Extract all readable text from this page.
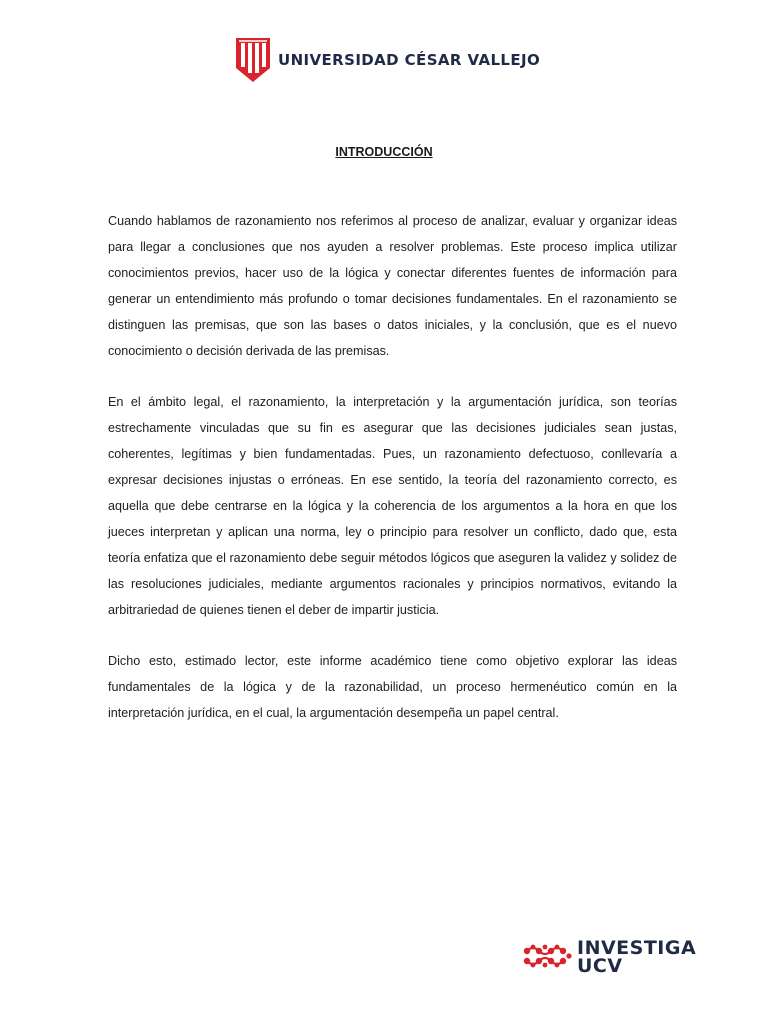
UNIVERSIDAD CÉSAR VALLEJO
INTRODUCCIÓN

Cuando hablamos de razonamiento nos referimos al proceso de analizar, evaluar y organizar ideas para llegar a conclusiones que nos ayuden a resolver problemas. Este proceso implica utilizar conocimientos previos, hacer uso de la lógica y conectar diferentes fuentes de información para generar un entendimiento más profundo o tomar decisiones fundamentales. En el razonamiento se distinguen las premisas, que son las bases o datos iniciales, y la conclusión, que es el nuevo conocimiento o decisión derivada de las premisas.

En el ámbito legal, el razonamiento, la interpretación y la argumentación jurídica, son teorías estrechamente vinculadas que su fin es asegurar que las decisiones judiciales sean justas, coherentes, legítimas y bien fundamentadas. Pues, un razonamiento defectuoso, conllevaría a expresar decisiones injustas o erróneas. En ese sentido, la teoría del razonamiento correcto, es aquella que debe centrarse en la lógica y la coherencia de los argumentos a la hora en que los jueces interpretan y aplican una norma, ley o principio para resolver un conflicto, dado que, esta teoría enfatiza que el razonamiento debe seguir métodos lógicos que aseguren la validez y solidez de las resoluciones judiciales, mediante argumentos racionales y principios normativos, evitando la arbitrariedad de quienes tienen el deber de impartir justicia.

Dicho esto, estimado lector, este informe académico tiene como objetivo explorar las ideas fundamentales de la lógica y de la razonabilidad, un proceso hermenéutico común en la interpretación jurídica, en el cual, la argumentación desempeña un papel central.

INVESTIGA
UCV
